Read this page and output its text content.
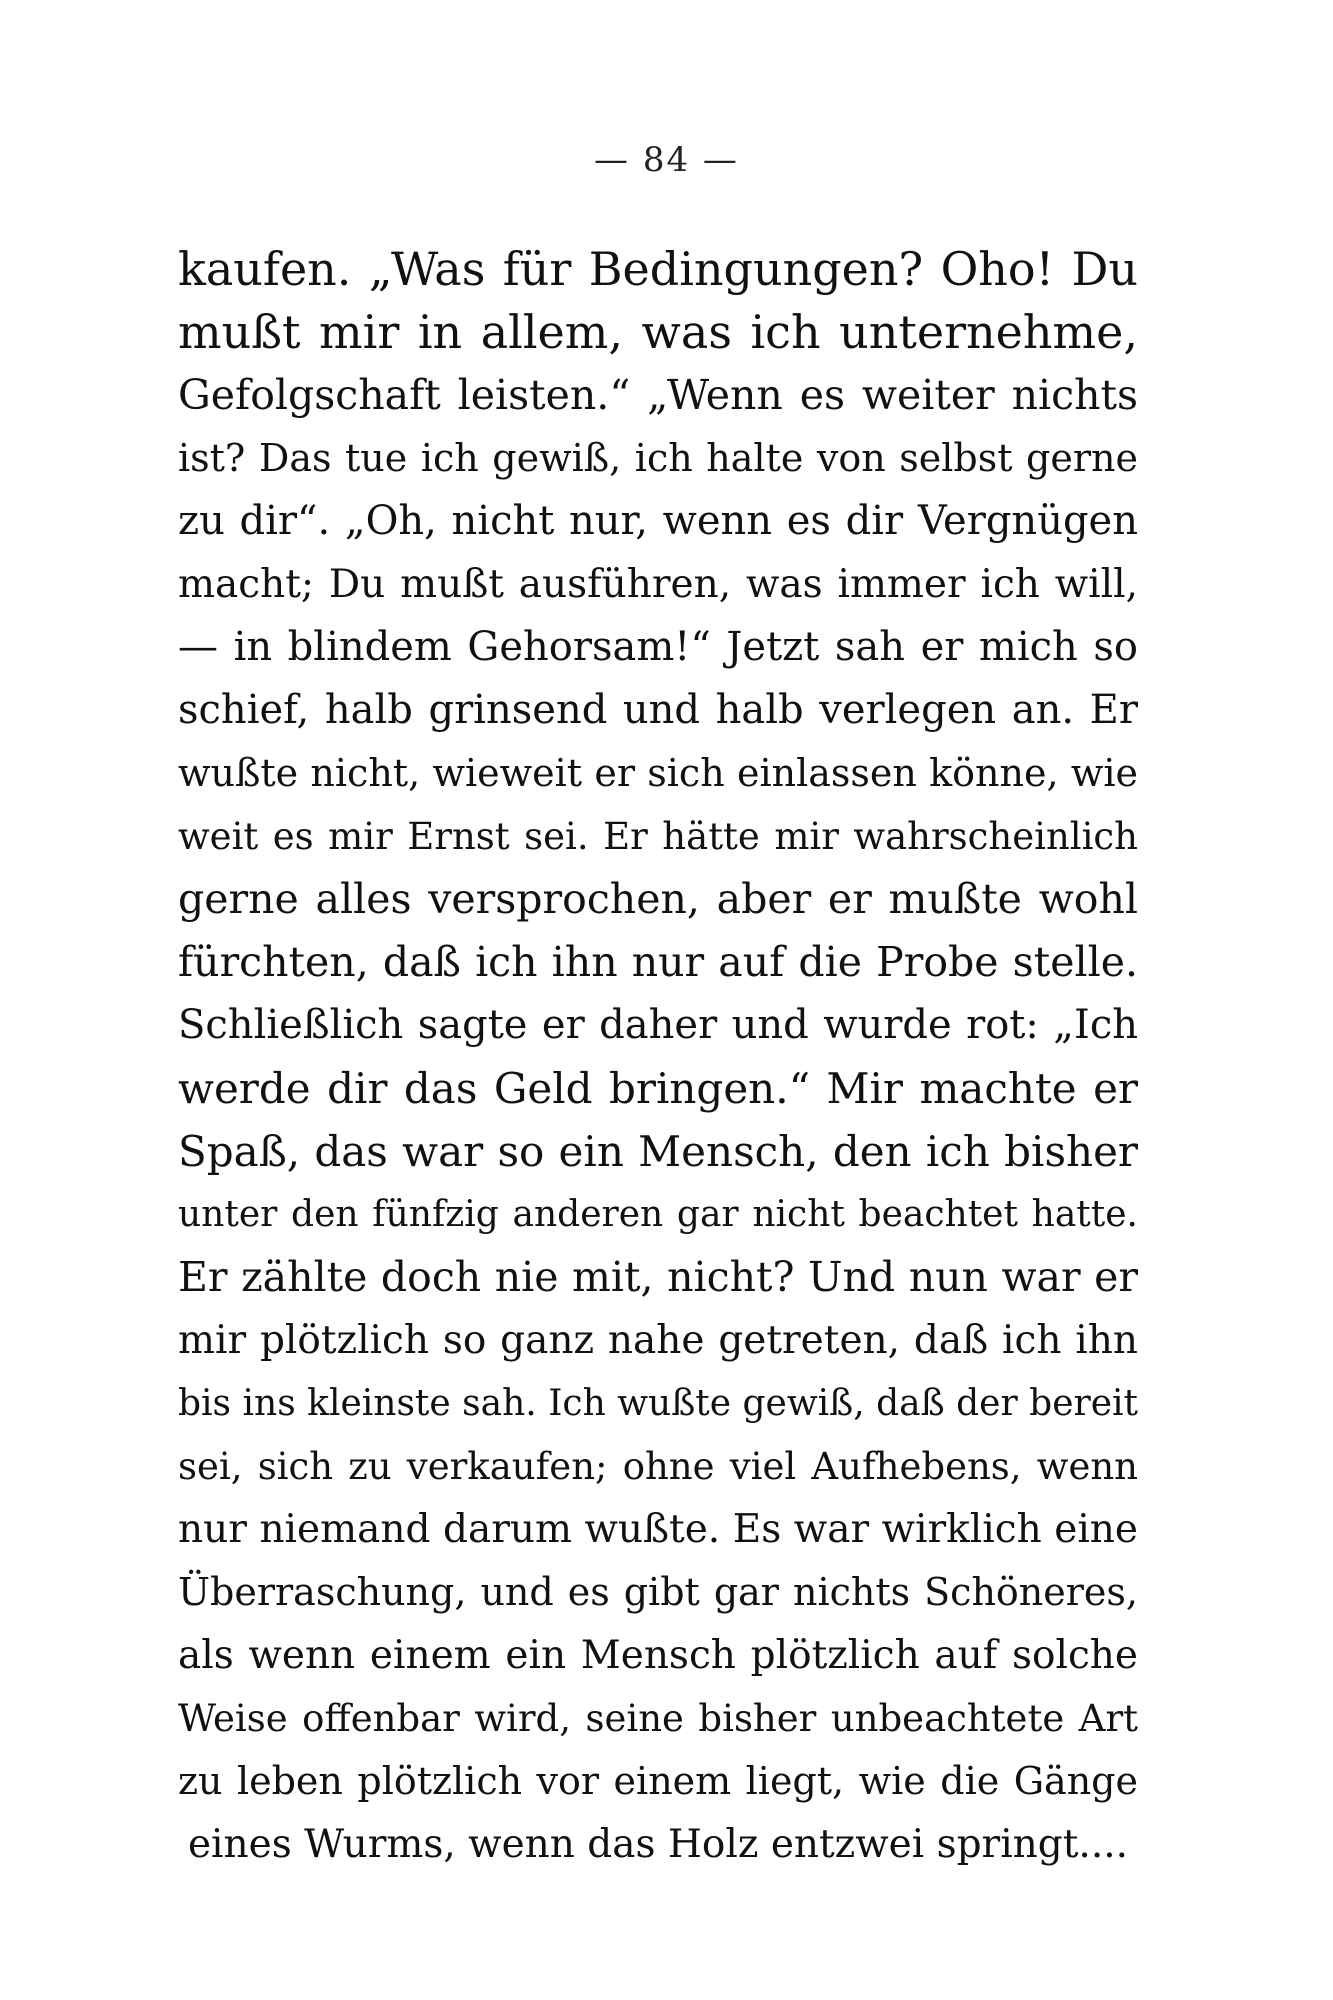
— 84 —
kaufen. „Was für Bedingungen? Oho! Du
mußt mir in allem, was ich unternehme,
Gefolgschaft leisten.“ „Wenn es weiter nichts
ist? Das tue ich gewiß, ich halte von selbst gerne
zu dir“. „Oh, nicht nur, wenn es dir Vergnügen
macht; Du mußt ausführen, was immer ich will,
— in blindem Gehorsam!“ Jetzt sah er mich so
schief, halb grinsend und halb verlegen an. Er
wußte nicht, wieweit er sich einlassen könne, wie
weit es mir Ernst sei. Er hätte mir wahrscheinlich
gerne alles versprochen, aber er mußte wohl
fürchten, daß ich ihn nur auf die Probe stelle.
Schließlich sagte er daher und wurde rot: „Ich
werde dir das Geld bringen.“ Mir machte er
Spaß, das war so ein Mensch, den ich bisher
unter den fünfzig anderen gar nicht beachtet hatte.
Er zählte doch nie mit, nicht? Und nun war er
mir plötzlich so ganz nahe getreten, daß ich ihn
bis ins kleinste sah. Ich wußte gewiß, daß der bereit
sei, sich zu verkaufen; ohne viel Aufhebens, wenn
nur niemand darum wußte. Es war wirklich eine
Überraschung, und es gibt gar nichts Schöneres,
als wenn einem ein Mensch plötzlich auf solche
Weise offenbar wird, seine bisher unbeachtete Art
zu leben plötzlich vor einem liegt, wie die Gänge
eines Wurms, wenn das Holz entzwei springt....
